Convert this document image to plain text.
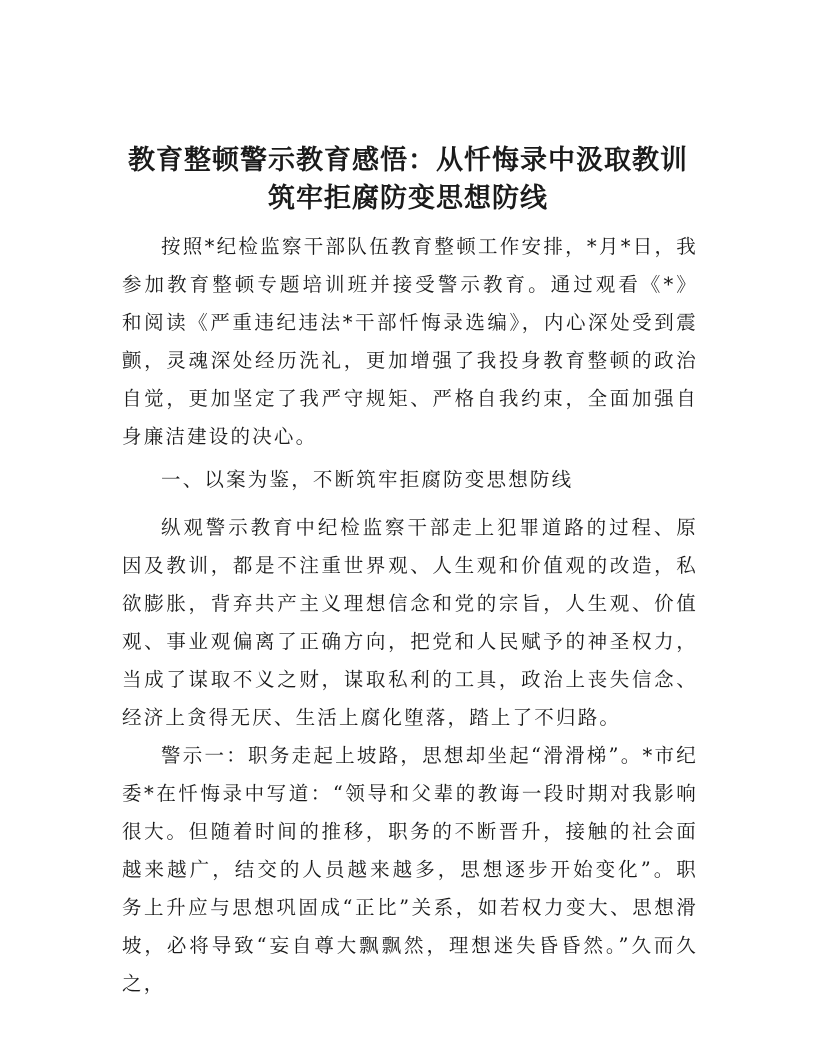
教育整顿警示教育感悟：从忏悔录中汲取教训
筑牢拒腐防变思想防线

按照*纪检监察干部队伍教育整顿工作安排，*月*日，我参加教育整顿专题培训班并接受警示教育。通过观看《*》和阅读《严重违纪违法*干部忏悔录选编》，内心深处受到震颤，灵魂深处经历洗礼，更加增强了我投身教育整顿的政治自觉，更加坚定了我严守规矩、严格自我约束，全面加强自身廉洁建设的决心。

一、以案为鉴，不断筑牢拒腐防变思想防线

纵观警示教育中纪检监察干部走上犯罪道路的过程、原因及教训，都是不注重世界观、人生观和价值观的改造，私欲膨胀，背弃共产主义理想信念和党的宗旨，人生观、价值观、事业观偏离了正确方向，把党和人民赋予的神圣权力，当成了谋取不义之财，谋取私利的工具，政治上丧失信念、经济上贪得无厌、生活上腐化堕落，踏上了不归路。

警示一：职务走起上坡路，思想却坐起“滑滑梯”。*市纪委*在忏悔录中写道：“领导和父辈的教诲一段时期对我影响很大。但随着时间的推移，职务的不断晋升，接触的社会面越来越广，结交的人员越来越多，思想逐步开始变化”。职务上升应与思想巩固成“正比”关系，如若权力变大、思想滑坡，必将导致“妄自尊大飘飘然，理想迷失昏昏然。”久而久之，
